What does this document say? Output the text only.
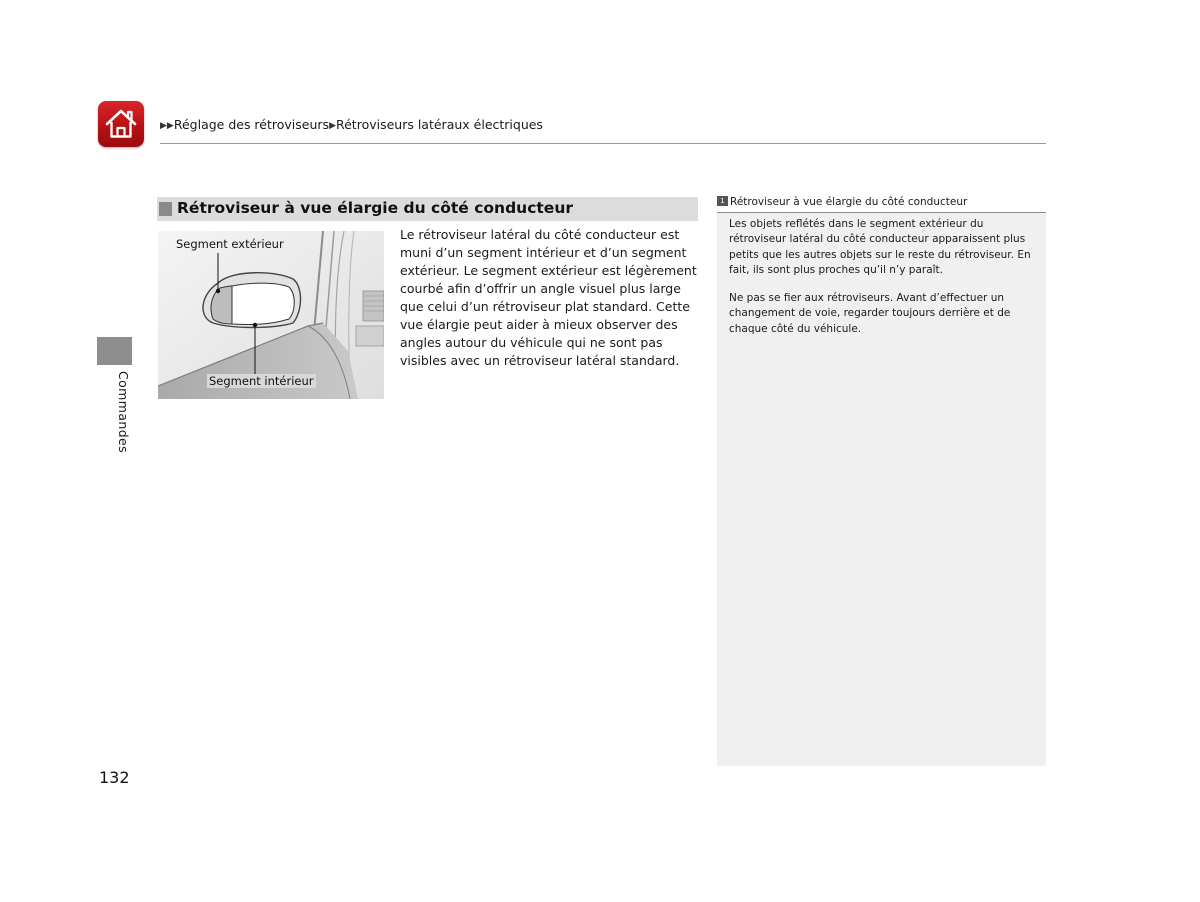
▶▶Réglage des rétroviseurs▶Rétroviseurs latéraux électriques
Commandes
Rétroviseur à vue élargie du côté conducteur
Segment extérieur
Segment intérieur
Le rétroviseur latéral du côté conducteur est muni d’un segment intérieur et d’un segment extérieur. Le segment extérieur est légèrement courbé afin d’offrir un angle visuel plus large que celui d’un rétroviseur plat standard. Cette vue élargie peut aider à mieux observer des angles autour du véhicule qui ne sont pas visibles avec un rétroviseur latéral standard.
1 Rétroviseur à vue élargie du côté conducteur
Les objets reflétés dans le segment extérieur du rétroviseur latéral du côté conducteur apparaissent plus petits que les autres objets sur le reste du rétroviseur. En fait, ils sont plus proches qu’il n’y paraît.
Ne pas se fier aux rétroviseurs. Avant d’effectuer un changement de voie, regarder toujours derrière et de chaque côté du véhicule.
132
